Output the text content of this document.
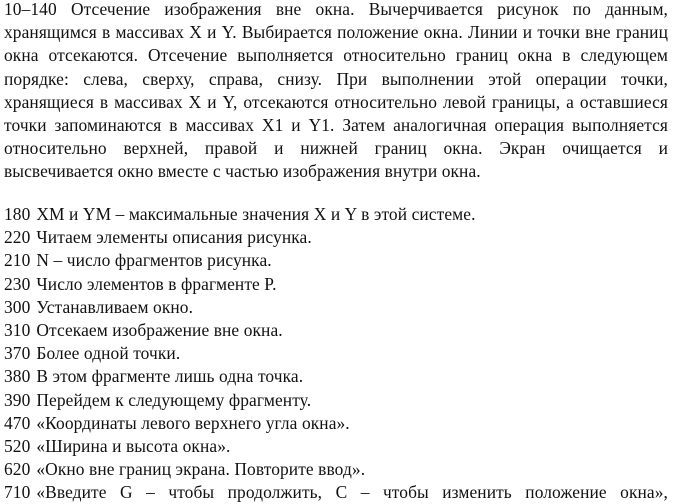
10–140 Отсечение изображения вне окна. Вычерчивается рисунок по данным, хранящимся в массивах X и Y. Выбирается положение окна. Линии и точки вне границ окна отсекаются. Отсечение выполняется относительно границ окна в следующем порядке: слева, сверху, справа, снизу. При выполнении этой операции точки, хранящиеся в массивах X и Y, отсекаются относительно левой границы, а оставшиеся точки запоминаются в массивах X1 и Y1. Затем аналогичная операция выполняется относительно верхней, правой и нижней границ окна. Экран очищается и высвечивается окно вместе с частью изображения внутри окна.

180 XM и YM – максимальные значения X и Y в этой системе.
220 Читаем элементы описания рисунка.
210 N – число фрагментов рисунка.
230 Число элементов в фрагменте P.
300 Устанавливаем окно.
310 Отсекаем изображение вне окна.
370 Более одной точки.
380 В этом фрагменте лишь одна точка.
390 Перейдем к следующему фрагменту.
470 «Координаты левого верхнего угла окна».
520 «Ширина и высота окна».
620 «Окно вне границ экрана. Повторите ввод».
710 «Введите G – чтобы продолжить, C – чтобы изменить положение окна»,
